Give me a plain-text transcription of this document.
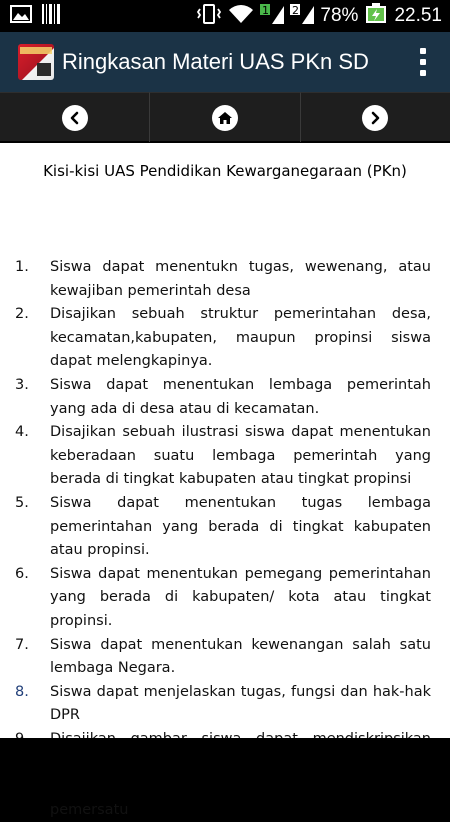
1 2 78% 22.51
Ringkasan Materi UAS PKn SD
Kisi-kisi UAS Pendidikan Kewarganegaraan (PKn)
1.	Siswa dapat menentukn tugas, wewenang, atau kewajiban pemerintah desa
2.	Disajikan sebuah struktur pemerintahan desa, kecamatan,kabupaten, maupun propinsi siswa dapat melengkapinya.
3.	Siswa dapat menentukan lembaga pemerintah yang ada di desa atau di kecamatan.
4.	Disajikan sebuah ilustrasi siswa dapat menentukan keberadaan suatu lembaga pemerintah yang berada di tingkat kabupaten atau tingkat propinsi
5.	Siswa dapat menentukan tugas lembaga pemerintahan yang berada di tingkat kabupaten atau propinsi.
6.	Siswa dapat menentukan pemegang pemerintahan yang berada di kabupaten/ kota atau tingkat propinsi.
7.	Siswa dapat menentukan kewenangan salah satu lembaga Negara.
8.	Siswa dapat menjelaskan tugas, fungsi dan hak-hak DPR
pemersatu
